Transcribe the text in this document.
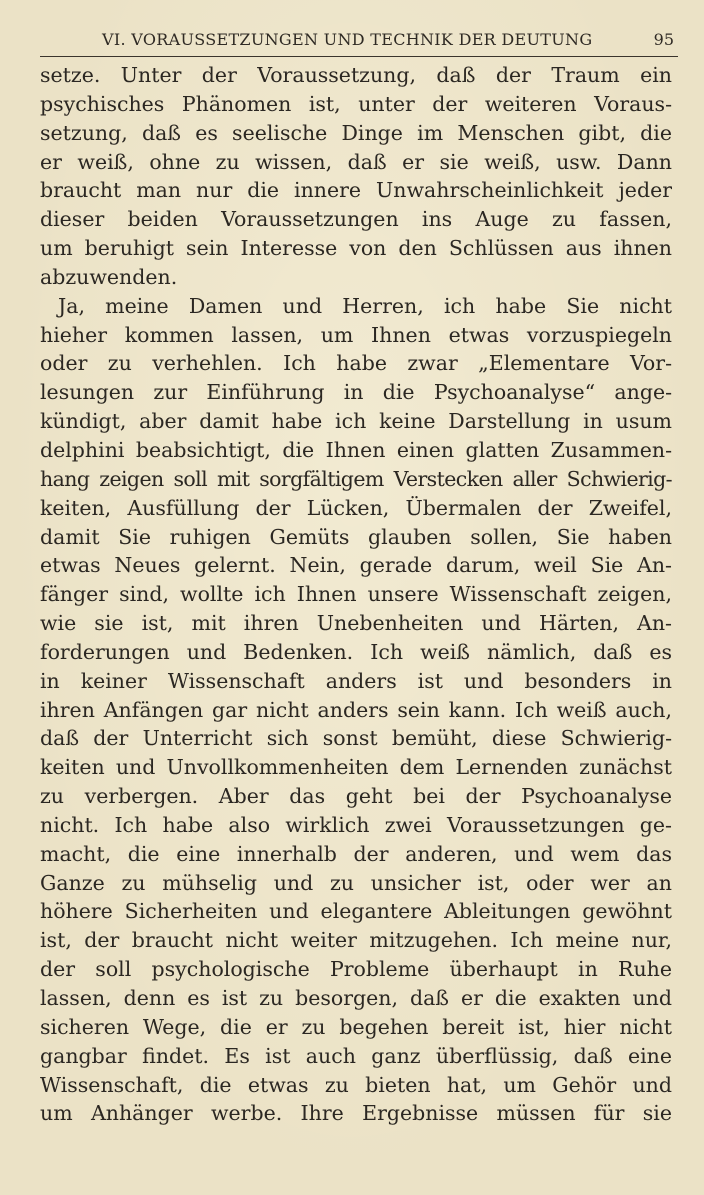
VI. VORAUSSETZUNGEN UND TECHNIK DER DEUTUNG	95
setze. Unter der Voraussetzung, daß der Traum ein
psychisches Phänomen ist, unter der weiteren Voraus-
setzung, daß es seelische Dinge im Menschen gibt, die
er weiß, ohne zu wissen, daß er sie weiß, usw. Dann
braucht man nur die innere Unwahrscheinlichkeit jeder
dieser beiden Voraussetzungen ins Auge zu fassen,
um beruhigt sein Interesse von den Schlüssen aus ihnen
abzuwenden.
Ja, meine Damen und Herren, ich habe Sie nicht
hieher kommen lassen, um Ihnen etwas vorzuspiegeln
oder zu verhehlen. Ich habe zwar „Elementare Vor-
lesungen zur Einführung in die Psychoanalyse“ ange-
kündigt, aber damit habe ich keine Darstellung in usum
delphini beabsichtigt, die Ihnen einen glatten Zusammen-
hang zeigen soll mit sorgfältigem Verstecken aller Schwierig-
keiten, Ausfüllung der Lücken, Übermalen der Zweifel,
damit Sie ruhigen Gemüts glauben sollen, Sie haben
etwas Neues gelernt. Nein, gerade darum, weil Sie An-
fänger sind, wollte ich Ihnen unsere Wissenschaft zeigen,
wie sie ist, mit ihren Unebenheiten und Härten, An-
forderungen und Bedenken. Ich weiß nämlich, daß es
in keiner Wissenschaft anders ist und besonders in
ihren Anfängen gar nicht anders sein kann. Ich weiß auch,
daß der Unterricht sich sonst bemüht, diese Schwierig-
keiten und Unvollkommenheiten dem Lernenden zunächst
zu verbergen. Aber das geht bei der Psychoanalyse
nicht. Ich habe also wirklich zwei Voraussetzungen ge-
macht, die eine innerhalb der anderen, und wem das
Ganze zu mühselig und zu unsicher ist, oder wer an
höhere Sicherheiten und elegantere Ableitungen gewöhnt
ist, der braucht nicht weiter mitzugehen. Ich meine nur,
der soll psychologische Probleme überhaupt in Ruhe
lassen, denn es ist zu besorgen, daß er die exakten und
sicheren Wege, die er zu begehen bereit ist, hier nicht
gangbar findet. Es ist auch ganz überflüssig, daß eine
Wissenschaft, die etwas zu bieten hat, um Gehör und
um Anhänger werbe. Ihre Ergebnisse müssen für sie
